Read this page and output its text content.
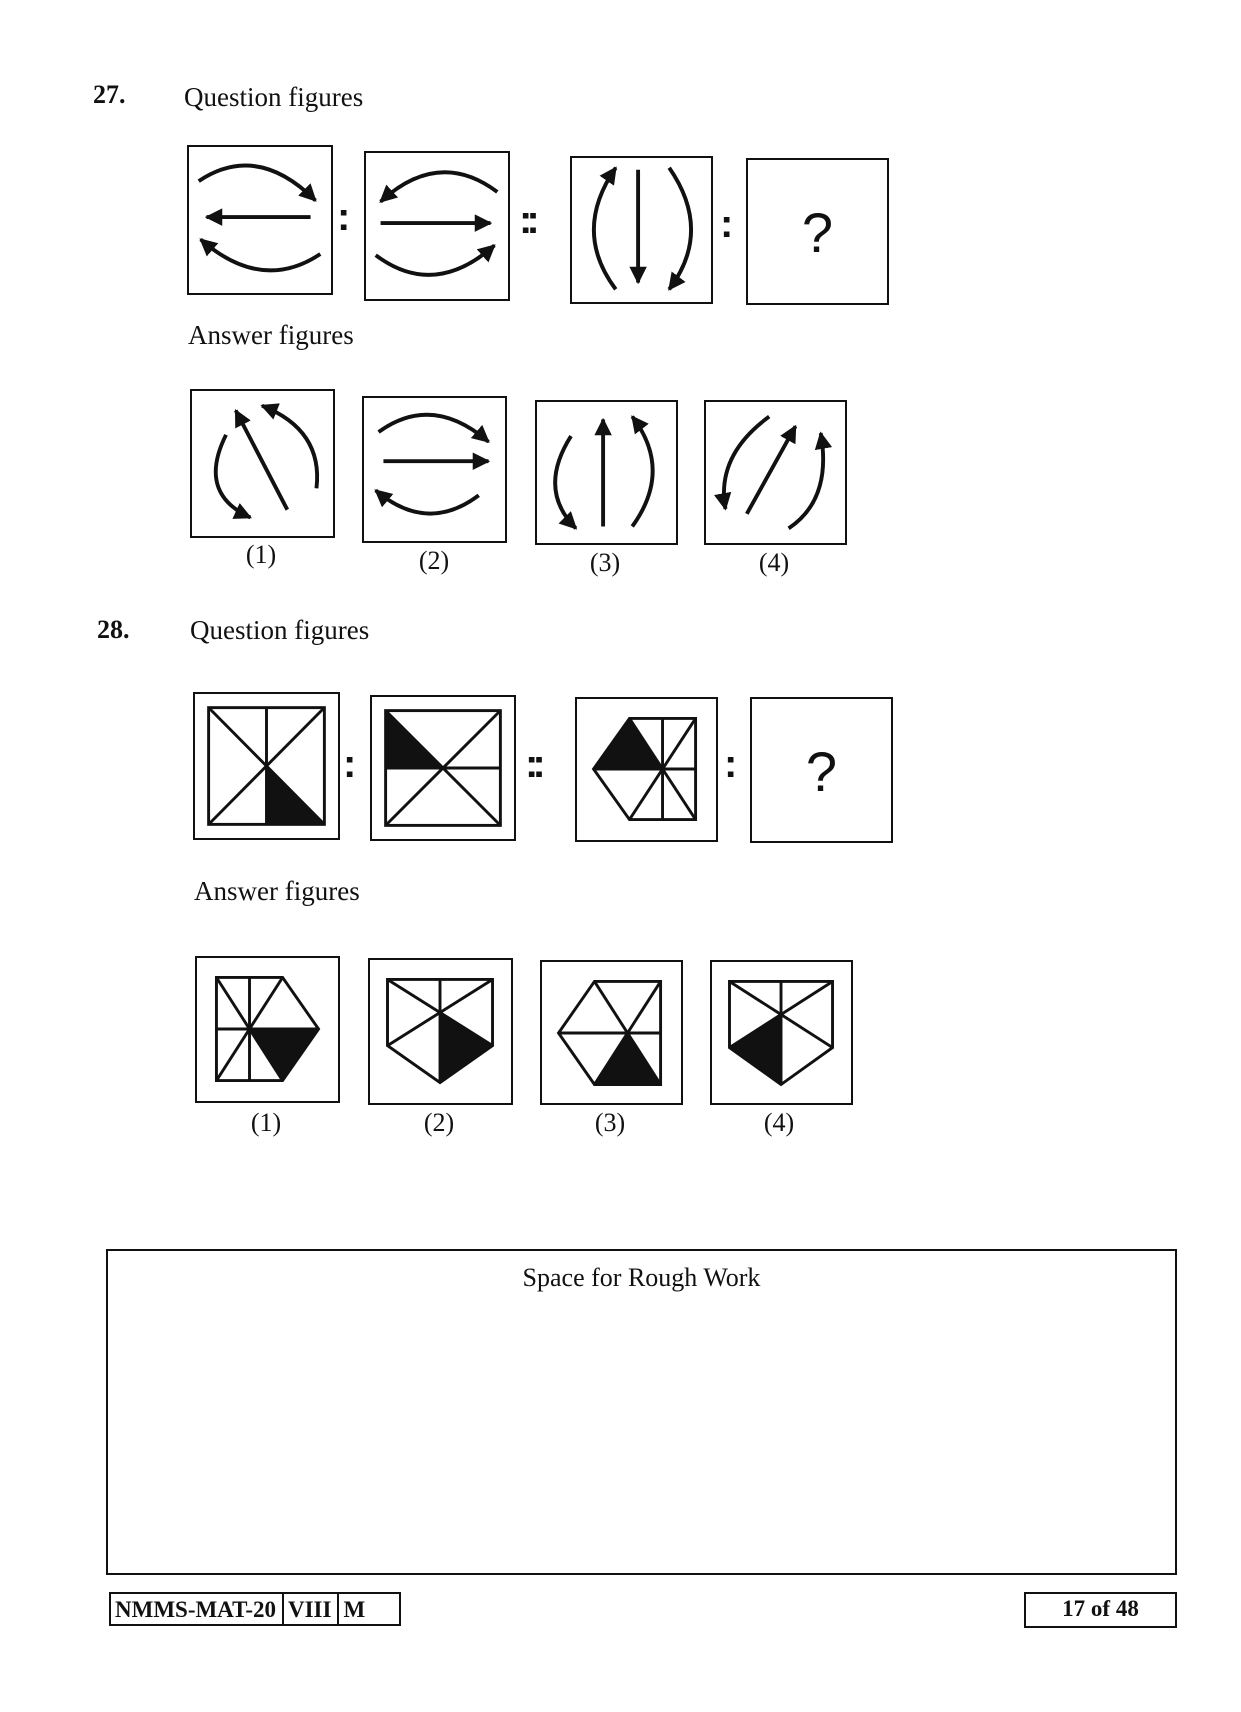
27. Question figures
:	::	:	?
Answer figures
(1)	(2)	(3)	(4)
28. Question figures
:	::	:	?
Answer figures
(1)	(2)	(3)	(4)
Space for Rough Work
NMMS-MAT-20 VIII M	17 of 48
